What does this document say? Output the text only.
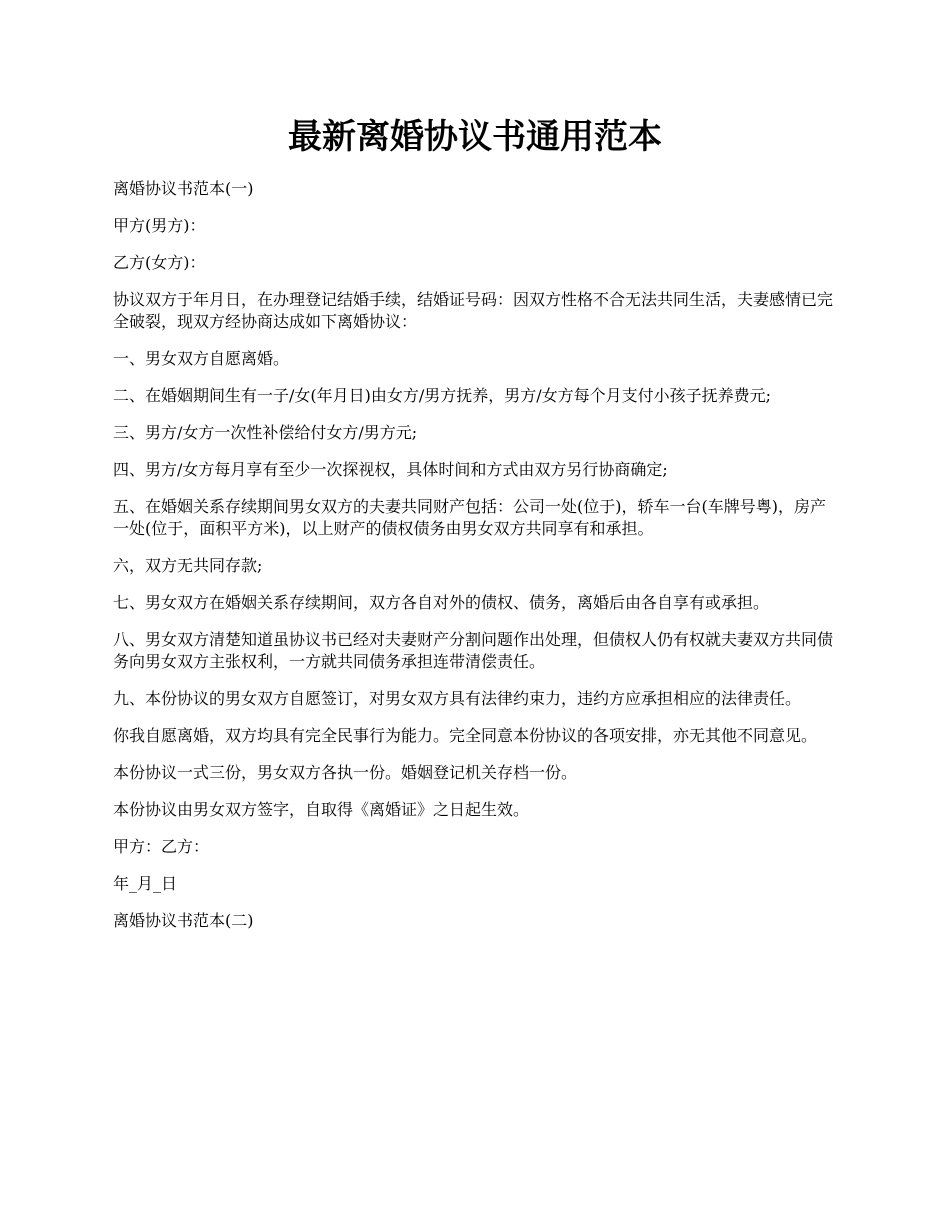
最新离婚协议书通用范本

离婚协议书范本(一)

甲方(男方)：

乙方(女方)：

协议双方于年月日，在办理登记结婚手续，结婚证号码：因双方性格不合无法共同生活，夫妻感情已完全破裂，现双方经协商达成如下离婚协议：

一、男女双方自愿离婚。

二、在婚姻期间生有一子/女(年月日)由女方/男方抚养，男方/女方每个月支付小孩子抚养费元;

三、男方/女方一次性补偿给付女方/男方元;

四、男方/女方每月享有至少一次探视权，具体时间和方式由双方另行协商确定;

五、在婚姻关系存续期间男女双方的夫妻共同财产包括：公司一处(位于)，轿车一台(车牌号粤)，房产一处(位于，面积平方米)，以上财产的债权债务由男女双方共同享有和承担。

六，双方无共同存款;

七、男女双方在婚姻关系存续期间，双方各自对外的债权、债务，离婚后由各自享有或承担。

八、男女双方清楚知道虽协议书已经对夫妻财产分割问题作出处理，但债权人仍有权就夫妻双方共同债务向男女双方主张权利，一方就共同债务承担连带清偿责任。

九、本份协议的男女双方自愿签订，对男女双方具有法律约束力，违约方应承担相应的法律责任。

你我自愿离婚，双方均具有完全民事行为能力。完全同意本份协议的各项安排，亦无其他不同意见。

本份协议一式三份，男女双方各执一份。婚姻登记机关存档一份。

本份协议由男女双方签字，自取得《离婚证》之日起生效。

甲方：乙方：

年_月_日

离婚协议书范本(二)
